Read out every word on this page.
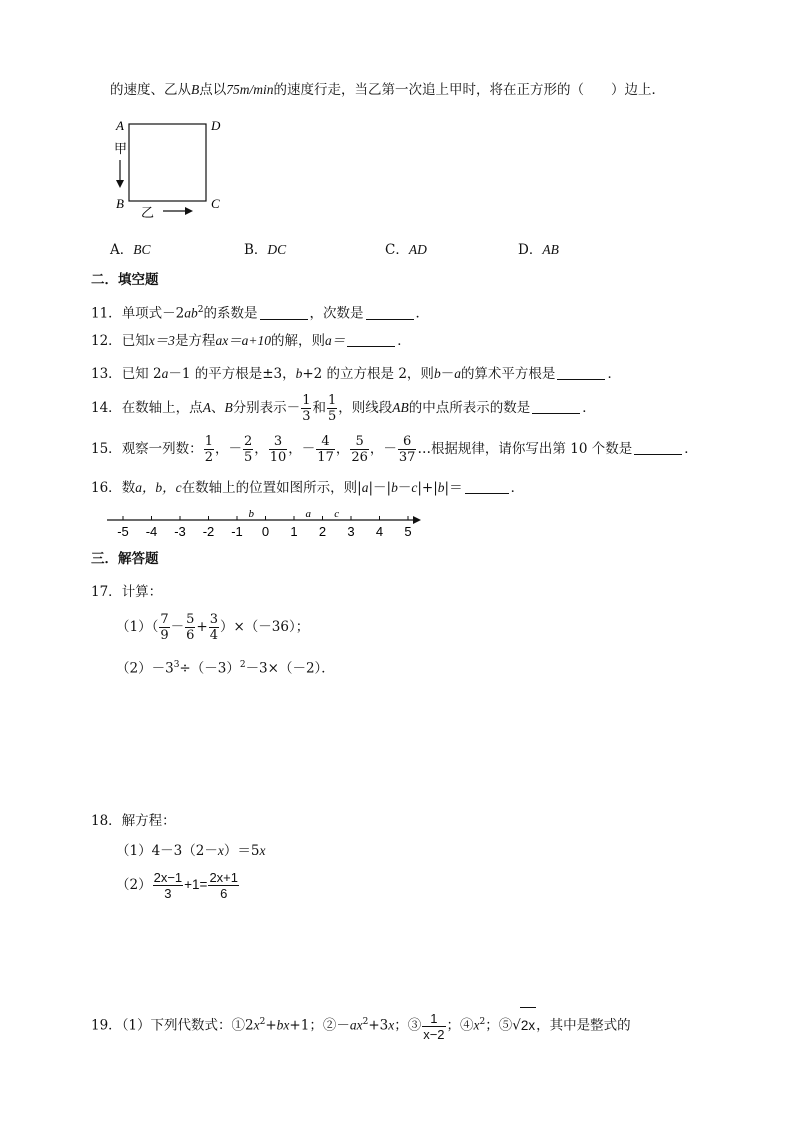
的速度、乙从B点以75m/min的速度行走，当乙第一次追上甲时，将在正方形的（　　）边上．
A	D
B	C
甲
乙
A．BC	B．DC	C．AD	D．AB
二．填空题
11．单项式$-2ab^2$的系数是	，次数是	．
12．已知x＝3是方程ax＝a+10的解，则a＝	．
13．已知 2a－1 的平方根是±3，b+2 的立方根是 2，则b－a的算术平方根是	．
14．在数轴上，点A、B分别表示－ $\frac{1}{3}$ 和 $\frac{1}{5}$ ，则线段AB的中点所表示的数是	．
15．观察一列数： $\frac{1}{2}$ ，－ $\frac{2}{5}$ ， $\frac{3}{10}$ ，－ $\frac{4}{17}$ ， $\frac{5}{26}$ ，－ $\frac{6}{37}$ …根据规律，请你写出第 10 个数是	．
16．数a，b，c在数轴上的位置如图所示，则|a|－|b－c|+|b|＝	．
-5 -4 -3 -2 -1 0 1 2 3 4 5
b	a c
三．解答题
17．计算：
$(1)( \frac{7}{9} - \frac{5}{6} + \frac{3}{4} )\times(-36)$；
$(2)-3^3\div(-3)^2-3\times(-2)$．
18．解方程：
（1）4－3（2－x）＝5x
$(2) \frac{2x-1}{3} +1= \frac{2x+1}{6}$
19．（1）下列代数式：$①2x^2+bx+1$；$②-ax^2+3x$；③ $\frac{1}{x-2}$ ；$④x^2$；⑤√2x，其中是整式的
